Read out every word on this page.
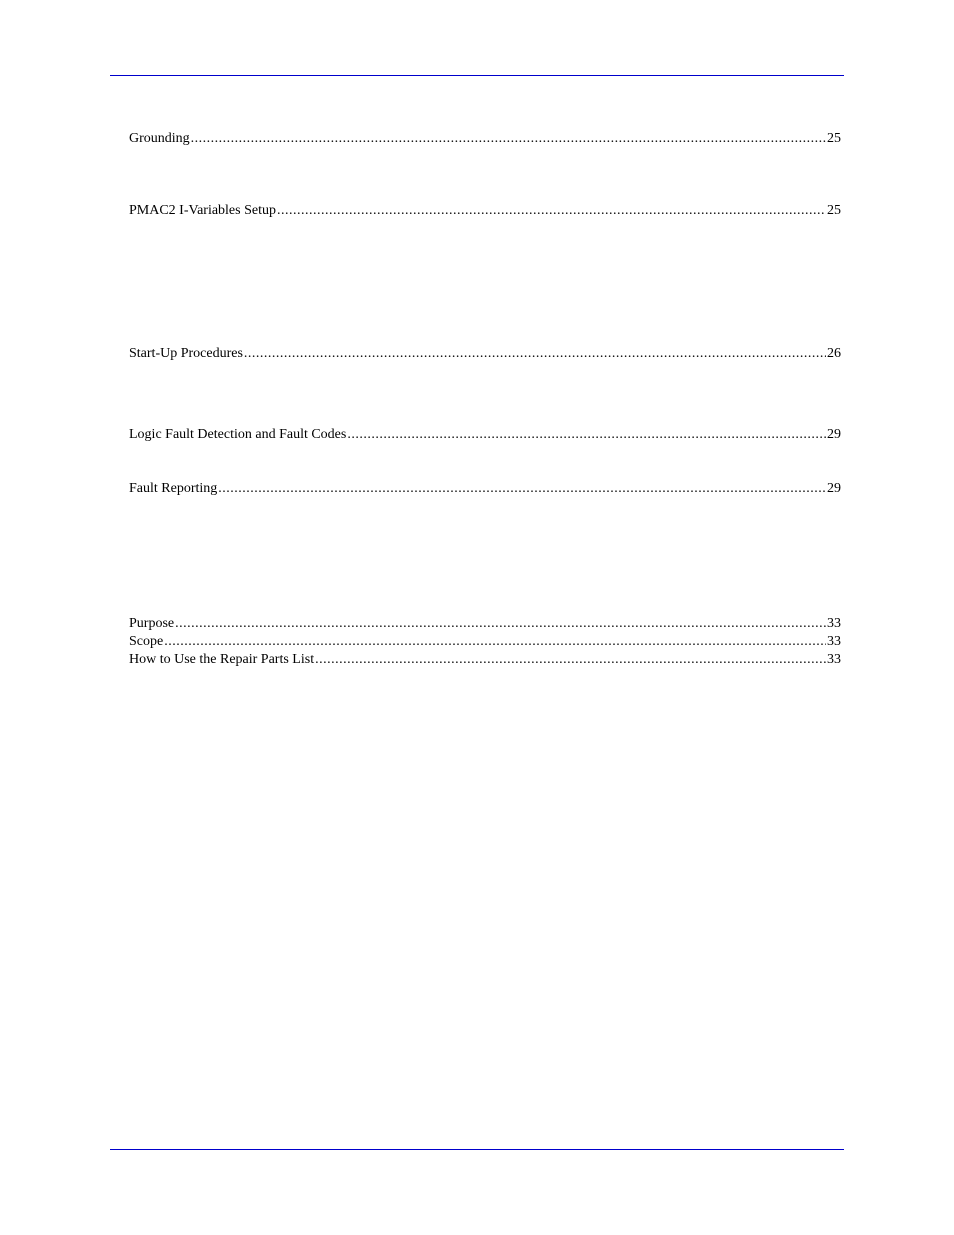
Grounding .....	25
PMAC2 I-Variables Setup .....	25
Start-Up Procedures .....	26
Logic Fault Detection and Fault Codes .....	29
Fault Reporting .....	29
Purpose .....	33
Scope .....	33
How to Use the Repair Parts List .....	33
